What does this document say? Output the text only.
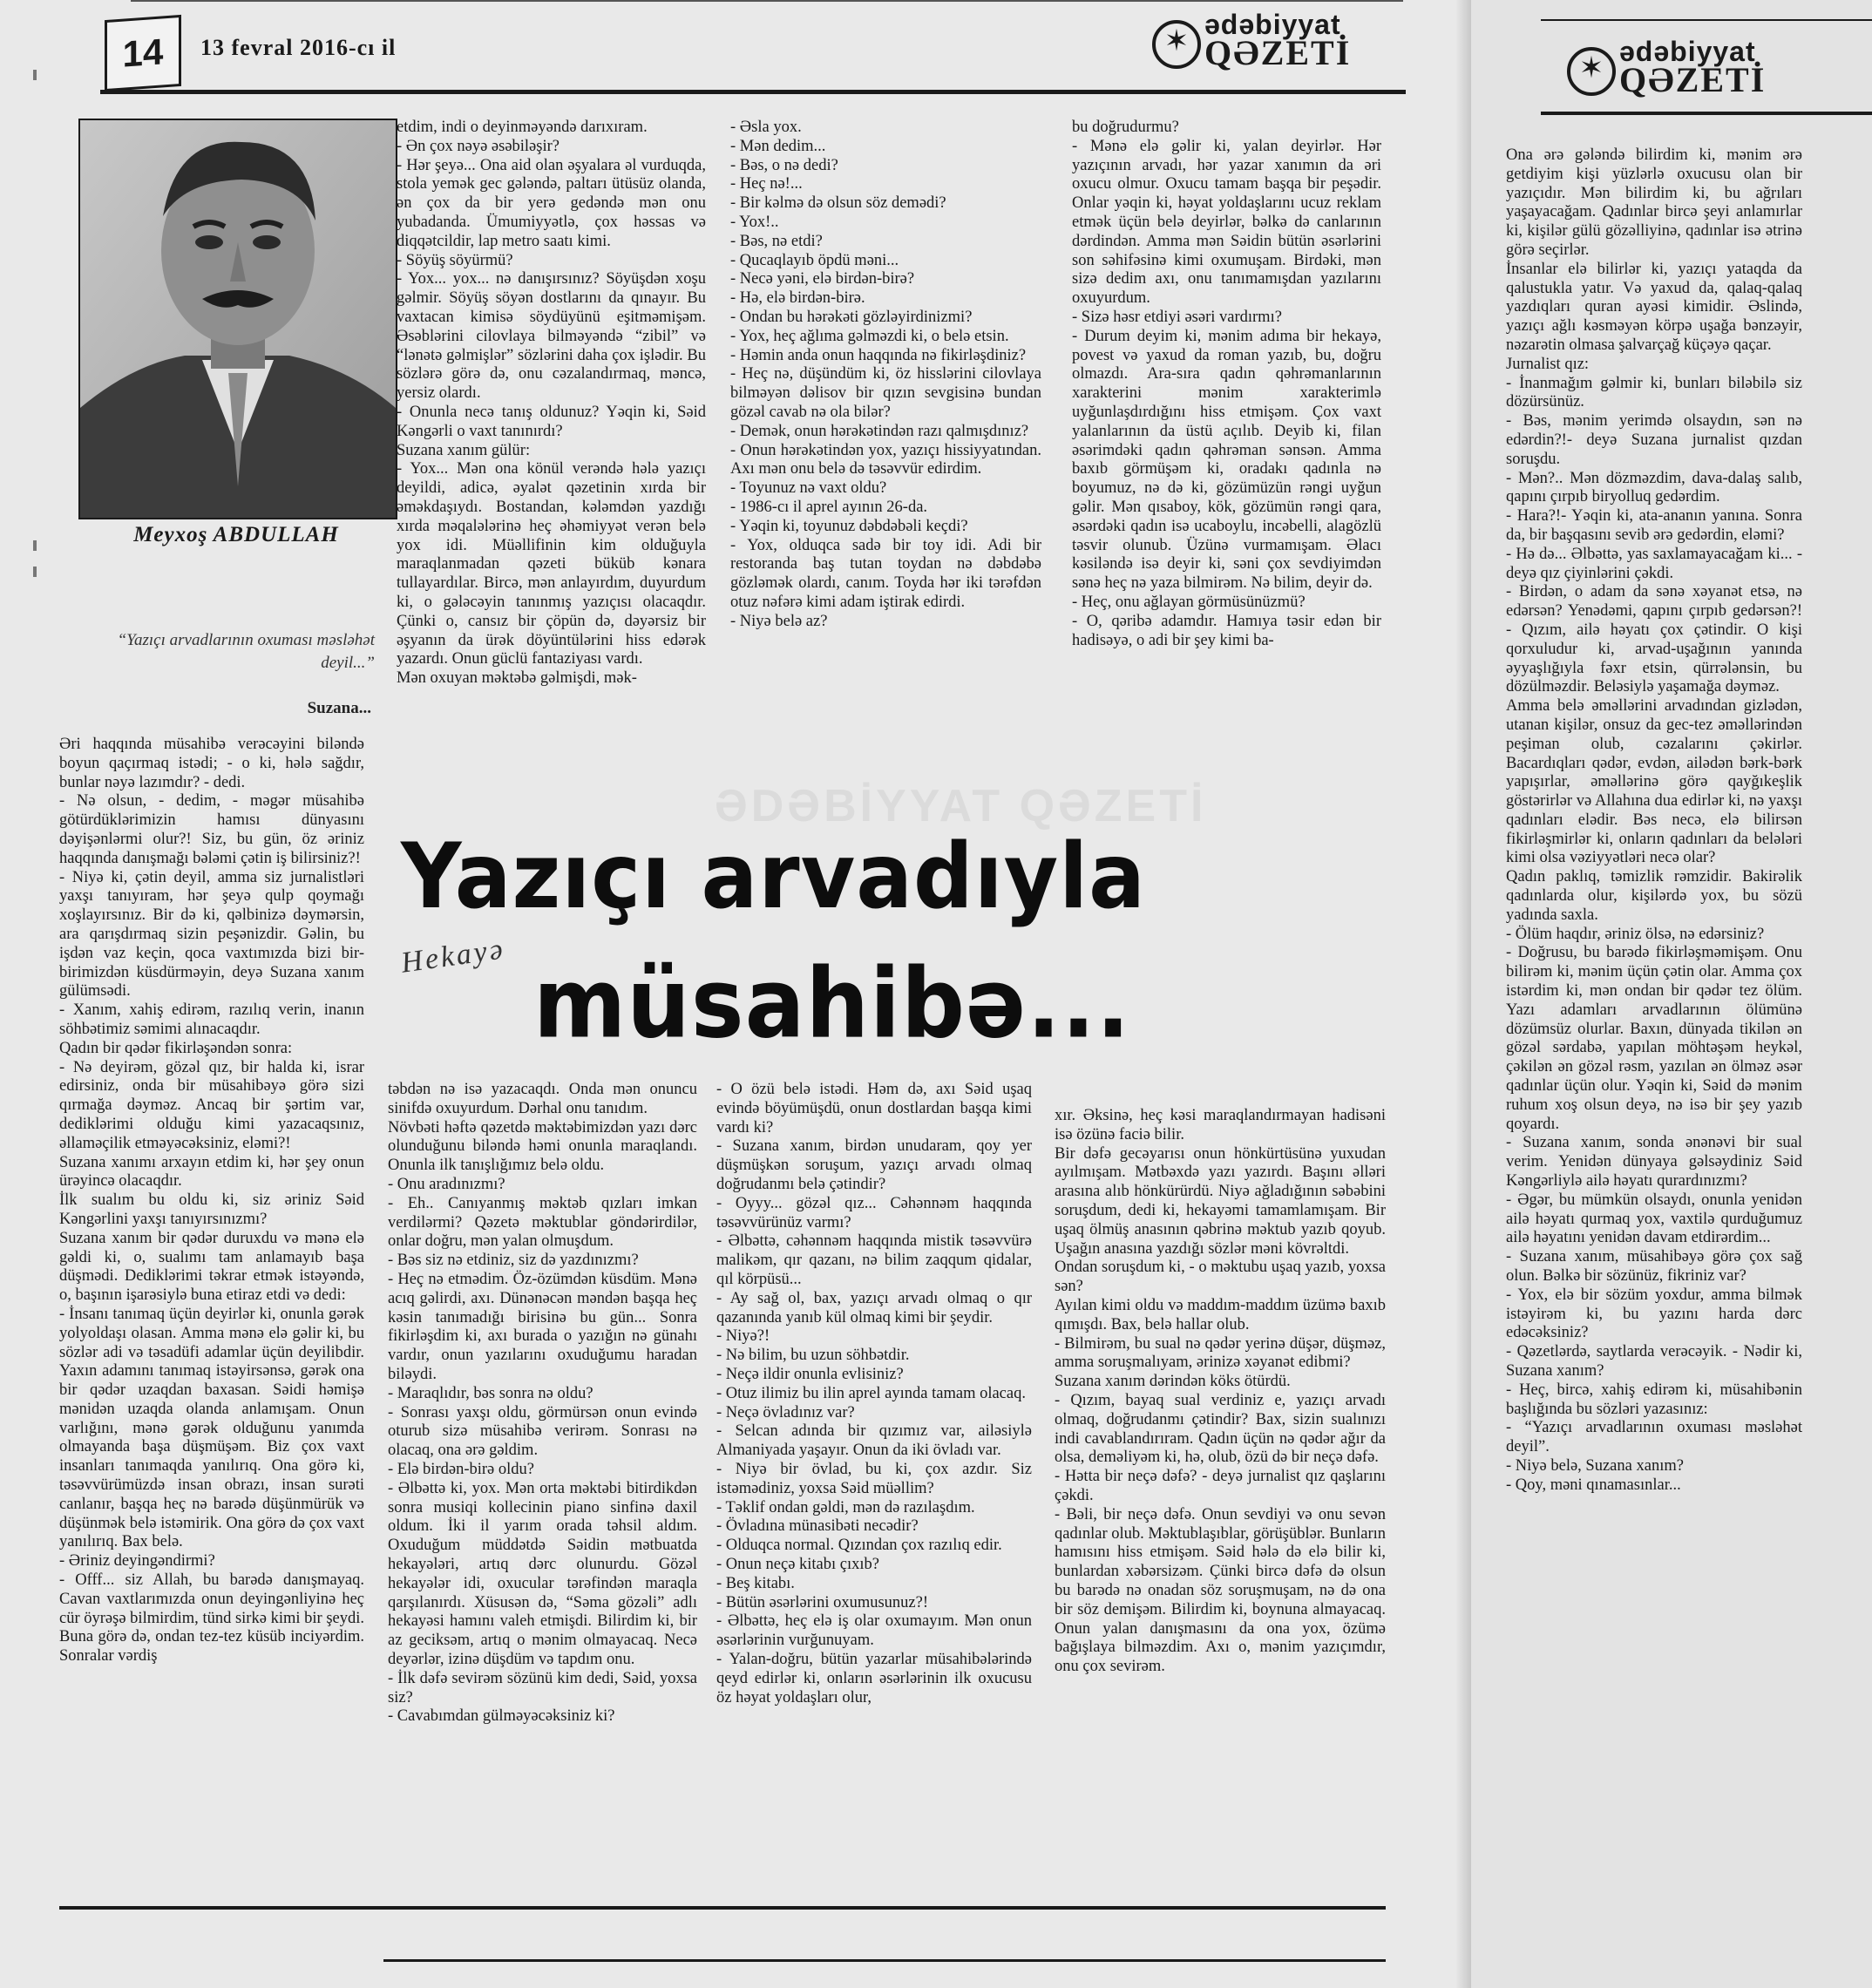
14 13 fevral 2016-cı il	✶ ədəbiyyat
QƏZETİ
Meyxoş ABDULLAH
“Yazıçı arvadlarının oxuması məsləhət deyil...”
Suzana...
Əri haqqında müsahibə verəcəyini biləndə boyun qaçırmaq istədi; - o ki, hələ sağdır, bunlar nəyə lazımdır? - dedi.
- Nə olsun, - dedim, - məgər müsahibə götürdüklərimizin hamısı dünyasını dəyişənlərmi olur?! Siz, bu gün, öz əriniz haqqında danışmağı bələmi çətin iş bilirsiniz?!
- Niyə ki, çətin deyil, amma siz jurnalistləri yaxşı tanıyıram, hər şeyə qulp qoymağı xoşlayırsınız. Bir də ki, qəlbinizə dəymərsin, ara qarışdırmaq sizin peşənizdir. Gəlin, bu işdən vaz keçin, qoca vaxtımızda bizi bir-birimizdən küsdürməyin, deyə Suzana xanım gülümsədi.
- Xanım, xahiş edirəm, razılıq verin, inanın söhbətimiz səmimi alınacaqdır.
Qadın bir qədər fikirləşəndən sonra:
- Nə deyirəm, gözəl qız, bir halda ki, israr edirsiniz, onda bir müsahibəyə görə sizi qırmağa dəyməz. Ancaq bir şərtim var, dediklərimi olduğu kimi yazacaqsınız, əllaməçilik etməyəcəksiniz, eləmi?!
Suzana xanımı arxayın etdim ki, hər şey onun ürəyincə olacaqdır.
İlk sualım bu oldu ki, siz əriniz Səid Kəngərlini yaxşı tanıyırsınızmı?
Suzana xanım bir qədər duruxdu və mənə elə gəldi ki, o, sualımı tam anlamayıb başa düşmədi. Dediklərimi təkrar etmək istəyəndə, o, başının işarəsiylə buna etiraz etdi və dedi:
- İnsanı tanımaq üçün deyirlər ki, onunla gərək yolyoldaşı olasan. Amma mənə elə gəlir ki, bu sözlər adi və təsadüfi adamlar üçün deyilibdir. Yaxın adamını tanımaq istəyirsənsə, gərək ona bir qədər uzaqdan baxasan. Səidi həmişə mənidən uzaqda olanda anlamışam. Onun varlığını, mənə gərək olduğunu yanımda olmayanda başa düşmüşəm. Biz çox vaxt insanları tanımaqda yanılırıq. Ona görə ki, təsəvvürümüzdə insan obrazı, insan surəti canlanır, başqa heç nə barədə düşünmürük və düşünmək belə istəmirik. Ona görə də çox vaxt yanılırıq. Bax belə.
- Əriniz deyingəndirmi?
- Offf... siz Allah, bu barədə danışmayaq. Cavan vaxtlarımızda onun deyingənliyinə heç cür öyrəşə bilmirdim, tünd sirkə kimi bir şeydi. Buna görə də, ondan tez-tez küsüb inciyərdim. Sonralar vərdiş
etdim, indi o deyinməyəndə darıxıram.
- Ən çox nəyə əsəbiləşir?
- Hər şeyə... Ona aid olan əşyalara əl vurduqda, stola yemək gec gələndə, paltarı ütüsüz olanda, ən çox da bir yerə gedəndə mən onu yubadanda. Ümumiyyətlə, çox həssas və diqqətcildir, lap metro saatı kimi.
- Söyüş söyürmü?
- Yox... yox... nə danışırsınız? Söyüşdən xoşu gəlmir. Söyüş söyən dostlarını da qınayır. Bu vaxtacan kimisə söydüyünü eşitməmişəm. Əsəblərini cilovlaya bilməyəndə “zibil” və “lənətə gəlmişlər” sözlərini daha çox işlədir. Bu sözlərə görə də, onu cəzalandırmaq, məncə, yersiz olardı.
- Onunla necə tanış oldunuz? Yəqin ki, Səid Kəngərli o vaxt tanınırdı?
Suzana xanım gülür:
- Yox... Mən ona könül verəndə hələ yazıçı deyildi, adicə, əyalət qəzetinin xırda bir əməkdaşıydı. Bostandan, kələmdən yazdığı xırda məqalələrinə heç əhəmiyyət verən belə yox idi. Müəllifinin kim olduğuyla maraqlanmadan qəzeti büküb kənara tullayardılar. Bircə, mən anlayırdım, duyurdum ki, o gələcəyin tanınmış yazıçısı olacaqdır. Çünki o, cansız bir çöpün də, dəyərsiz bir əşyanın da ürək döyüntülərini hiss edərək yazardı. Onun güclü fantaziyası vardı.
Mən oxuyan məktəbə gəlmişdi, mək-
- Əsla yox.
- Mən dedim...
- Bəs, o nə dedi?
- Heç nə!...
- Bir kəlmə də olsun söz demədi?
- Yox!..
- Bəs, nə etdi?
- Qucaqlayıb öpdü məni...
- Necə yəni, elə birdən-birə?
- Hə, elə birdən-birə.
- Ondan bu hərəkəti gözləyirdinizmi?
- Yox, heç ağlıma gəlməzdi ki, o belə etsin.
- Həmin anda onun haqqında nə fikirləşdiniz?
- Heç nə, düşündüm ki, öz hisslərini cilovlaya bilməyən dəlisov bir qızın sevgisinə bundan gözəl cavab nə ola bilər?
- Demək, onun hərəkətindən razı qalmışdınız?
- Onun hərəkətindən yox, yazıçı hissiyyatından. Axı mən onu belə də təsəvvür edirdim.
- Toyunuz nə vaxt oldu?
- 1986-cı il aprel ayının 26-da.
- Yəqin ki, toyunuz dəbdəbəli keçdi?
- Yox, olduqca sadə bir toy idi. Adi bir restoranda baş tutan toydan nə dəbdəbə gözləmək olardı, canım. Toyda hər iki tərəfdən otuz nəfərə kimi adam iştirak edirdi.
- Niyə belə az?
bu doğrudurmu?
- Mənə elə gəlir ki, yalan deyirlər. Hər yazıçının arvadı, hər yazar xanımın da əri oxucu olmur. Oxucu tamam başqa bir peşədir. Onlar yəqin ki, həyat yoldaşlarını ucuz reklam etmək üçün belə deyirlər, bəlkə də canlarının dərdindən. Amma mən Səidin bütün əsərlərini son səhifəsinə kimi oxumuşam. Birdəki, mən sizə dedim axı, onu tanımamışdan yazılarını oxuyurdum.
- Sizə həsr etdiyi əsəri vardırmı?
- Durum deyim ki, mənim adıma bir hekayə, povest və yaxud da roman yazıb, bu, doğru olmazdı. Ara-sıra qadın qəhrəmanlarının xarakterini mənim xarakterimlə uyğunlaşdırdığını hiss etmişəm. Çox vaxt yalanlarının da üstü açılıb. Deyib ki, filan əsərimdəki qadın qəhrəman sənsən. Amma baxıb görmüşəm ki, oradakı qadınla nə boyumuz, nə də ki, gözümüzün rəngi uyğun gəlir. Mən qısaboy, kök, gözümün rəngi qara, əsərdəki qadın isə ucaboylu, incəbelli, alagözlü təsvir olunub. Üzünə vurmamışam. Əlacı kəsiləndə isə deyir ki, səni çox sevdiyimdən sənə heç nə yaza bilmirəm. Nə bilim, deyir də.
- Heç, onu ağlayan görmüsünüzmü?
- O, qəribə adamdır. Hamıya təsir edən bir hadisəyə, o adi bir şey kimi ba-
ƏDƏBİYYAT QƏZETİ
Yazıçı arvadıyla
müsahibə...
Hekayə
təbdən nə isə yazacaqdı. Onda mən onuncu sinifdə oxuyurdum. Dərhal onu tanıdım.
Növbəti həftə qəzetdə məktəbimizdən yazı dərc olunduğunu biləndə həmi onunla maraqlandı. Onunla ilk tanışlığımız belə oldu.
- Onu aradınızmı?
- Eh.. Canıyanmış məktəb qızları imkan verdilərmi? Qəzetə məktublar göndərirdilər, onlar doğru, mən yalan olmuşdum.
- Bəs siz nə etdiniz, siz də yazdınızmı?
- Heç nə etmədim. Öz-özümdən küsdüm. Mənə acıq gəlirdi, axı. Dünənəcən məndən başqa heç kəsin tanımadığı birisinə bu gün... Sonra fikirləşdim ki, axı burada o yazığın nə günahı vardır, onun yazılarını oxuduğumu haradan biləydi.
- Maraqlıdır, bəs sonra nə oldu?
- Sonrası yaxşı oldu, görmürsən onun evində oturub sizə müsahibə verirəm. Sonrası nə olacaq, ona ərə gəldim.
- Elə birdən-birə oldu?
- Əlbəttə ki, yox. Mən orta məktəbi bitirdikdən sonra musiqi kollecinin piano sinfinə daxil oldum. İki il yarım orada təhsil aldım. Oxuduğum müddətdə Səidin mətbuatda hekayələri, artıq dərc olunurdu. Gözəl hekayələr idi, oxucular tərəfindən maraqla qarşılanırdı. Xüsusən də, “Səma gözəli” adlı hekayəsi hamını valeh etmişdi. Bilirdim ki, bir az geciksəm, artıq o mənim olmayacaq. Necə deyərlər, izinə düşdüm və tapdım onu.
- İlk dəfə sevirəm sözünü kim dedi, Səid, yoxsa siz?
- Cavabımdan gülməyəcəksiniz ki?
- O özü belə istədi. Həm də, axı Səid uşaq evində böyümüşdü, onun dostlardan başqa kimi vardı ki?
- Suzana xanım, birdən unudaram, qoy yer düşmüşkən soruşum, yazıçı arvadı olmaq doğrudanmı belə çətindir?
- Oyyy... gözəl qız... Cəhənnəm haqqında təsəvvürünüz varmı?
- Əlbəttə, cəhənnəm haqqında mistik təsəvvürə malikəm, qır qazanı, nə bilim zaqqum qidalar, qıl körpüsü...
- Ay sağ ol, bax, yazıçı arvadı olmaq o qır qazanında yanıb kül olmaq kimi bir şeydir.
- Niyə?!
- Nə bilim, bu uzun söhbətdir.
- Neçə ildir onunla evlisiniz?
- Otuz ilimiz bu ilin aprel ayında tamam olacaq.
- Neçə övladınız var?
- Selcan adında bir qızımız var, ailəsiylə Almaniyada yaşayır. Onun da iki övladı var.
- Niyə bir övlad, bu ki, çox azdır. Siz istəmədiniz, yoxsa Səid müəllim?
- Təklif ondan gəldi, mən də razılaşdım.
- Övladına münasibəti necədir?
- Olduqca normal. Qızından çox razılıq edir.
- Onun neçə kitabı çıxıb?
- Beş kitabı.
- Bütün əsərlərini oxumusunuz?!
- Əlbəttə, heç elə iş olar oxumayım. Mən onun əsərlərinin vurğunuyam.
- Yalan-doğru, bütün yazarlar müsahibələrində qeyd edirlər ki, onların əsərlərinin ilk oxucusu öz həyat yoldaşları olur,
xır. Əksinə, heç kəsi maraqlandırmayan hadisəni isə özünə faciə bilir.
Bir dəfə gecəyarısı onun hönkürtüsünə yuxudan ayılmışam. Mətbəxdə yazı yazırdı. Başını əlləri arasına alıb hönkürürdü. Niyə ağladığının səbəbini soruşdum, dedi ki, hekayəmi tamamlamışam. Bir uşaq ölmüş anasının qəbrinə məktub yazıb qoyub. Uşağın anasına yazdığı sözlər məni kövrəltdi.
Ondan soruşdum ki, - o məktubu uşaq yazıb, yoxsa sən?
Ayılan kimi oldu və maddım-maddım üzümə baxıb qımışdı. Bax, belə hallar olub.
- Bilmirəm, bu sual nə qədər yerinə düşər, düşməz, amma soruşmalıyam, ərinizə xəyanət edibmi?
Suzana xanım dərindən köks ötürdü.
- Qızım, bayaq sual verdiniz e, yazıçı arvadı olmaq, doğrudanmı çətindir? Bax, sizin sualınızı indi cavablandırıram. Qadın üçün nə qədər ağır da olsa, deməliyəm ki, hə, olub, özü də bir neçə dəfə.
- Hətta bir neçə dəfə? - deyə jurnalist qız qaşlarını çəkdi.
- Bəli, bir neçə dəfə. Onun sevdiyi və onu sevən qadınlar olub. Məktublaşıblar, görüşüblər. Bunların hamısını hiss etmişəm. Səid hələ də elə bilir ki, bunlardan xəbərsizəm. Çünki bircə dəfə də olsun bu barədə nə onadan söz soruşmuşam, nə də ona bir söz demişəm. Bilirdim ki, boynuna almayacaq. Onun yalan danışmasını da ona yox, özümə bağışlaya bilməzdim. Axı o, mənim yazıçımdır, onu çox sevirəm.
✶ ədəbiyyat
QƏZETİ
Ona ərə gələndə bilirdim ki, mənim ərə getdiyim kişi yüzlərlə oxucusu olan bir yazıçıdır. Mən bilirdim ki, bu ağrıları yaşayacağam. Qadınlar bircə şeyi anlamırlar ki, kişilər gülü gözəlliyinə, qadınlar isə ətrinə görə seçirlər.
İnsanlar elə bilirlər ki, yazıçı yataqda da qalustukla yatır. Və yaxud da, qalaq-qalaq yazdıqları quran ayəsi kimidir. Əslində, yazıçı ağlı kəsməyən körpə uşağa bənzəyir, nəzarətin olmasa şalvarçağ küçəyə qaçar.
Jurnalist qız:
- İnanmağım gəlmir ki, bunları biləbilə siz dözürsünüz.
- Bəs, mənim yerimdə olsaydın, sən nə edərdin?!- deyə Suzana jurnalist qızdan soruşdu.
- Mən?.. Mən dözməzdim, dava-dalaş salıb, qapını çırpıb biryolluq gedərdim.
- Hara?!- Yəqin ki, ata-ananın yanına. Sonra da, bir başqasını sevib ərə gedərdin, eləmi?
- Hə də... Əlbəttə, yas saxlamayacağam ki... - deyə qız çiyinlərini çəkdi.
- Birdən, o adam da sənə xəyanət etsə, nə edərsən? Yenədəmi, qapını çırpıb gedərsən?! - Qızım, ailə həyatı çox çətindir. O kişi qorxuludur ki, arvad-uşağının yanında əyyaşlığıyla fəxr etsin, qürrələnsin, bu dözülməzdir. Beləsiylə yaşamağa dəyməz.
Amma belə əməllərini arvadından gizlədən, utanan kişilər, onsuz da gec-tez əməllərindən peşiman olub, cəzalarını çəkirlər. Bacardıqları qədər, evdən, ailədən bərk-bərk yapışırlar, əməllərinə görə qayğıkeşlik göstərirlər və Allahına dua edirlər ki, nə yaxşı qadınları elədir. Bəs necə, elə bilirsən fikirləşmirlər ki, onların qadınları da belələri kimi olsa vəziyyətləri necə olar?
Qadın paklıq, təmizlik rəmzidir. Bakirəlik qadınlarda olur, kişilərdə yox, bu sözü yadında saxla.
- Ölüm haqdır, əriniz ölsə, nə edərsiniz?
- Doğrusu, bu barədə fikirləşməmişəm. Onu bilirəm ki, mənim üçün çətin olar. Amma çox istərdim ki, mən ondan bir qədər tez ölüm. Yazı adamları arvadlarının ölümünə dözümsüz olurlar. Baxın, dünyada tikilən ən gözəl sərdabə, yapılan möhtəşəm heykəl, çəkilən ən gözəl rəsm, yazılan ən ölməz əsər qadınlar üçün olur. Yəqin ki, Səid də mənim ruhum xoş olsun deyə, nə isə bir şey yazıb qoyardı.
- Suzana xanım, sonda ənənəvi bir sual verim. Yenidən dünyaya gəlsəydiniz Səid Kəngərliylə ailə həyatı qurardınızmı?
- Əgər, bu mümkün olsaydı, onunla yenidən ailə həyatı qurmaq yox, vaxtilə qurduğumuz ailə həyatını yenidən davam etdirərdim...
- Suzana xanım, müsahibəyə görə çox sağ olun. Bəlkə bir sözünüz, fikriniz var?
- Yox, elə bir sözüm yoxdur, amma bilmək istəyirəm ki, bu yazını harda dərc edəcəksiniz?
- Qəzetlərdə, saytlarda verəcəyik. - Nədir ki, Suzana xanım?
- Heç, bircə, xahiş edirəm ki, müsahibənin başlığında bu sözləri yazasınız:
- “Yazıçı arvadlarının oxuması məsləhət deyil”.
- Niyə belə, Suzana xanım?
- Qoy, məni qınamasınlar...
